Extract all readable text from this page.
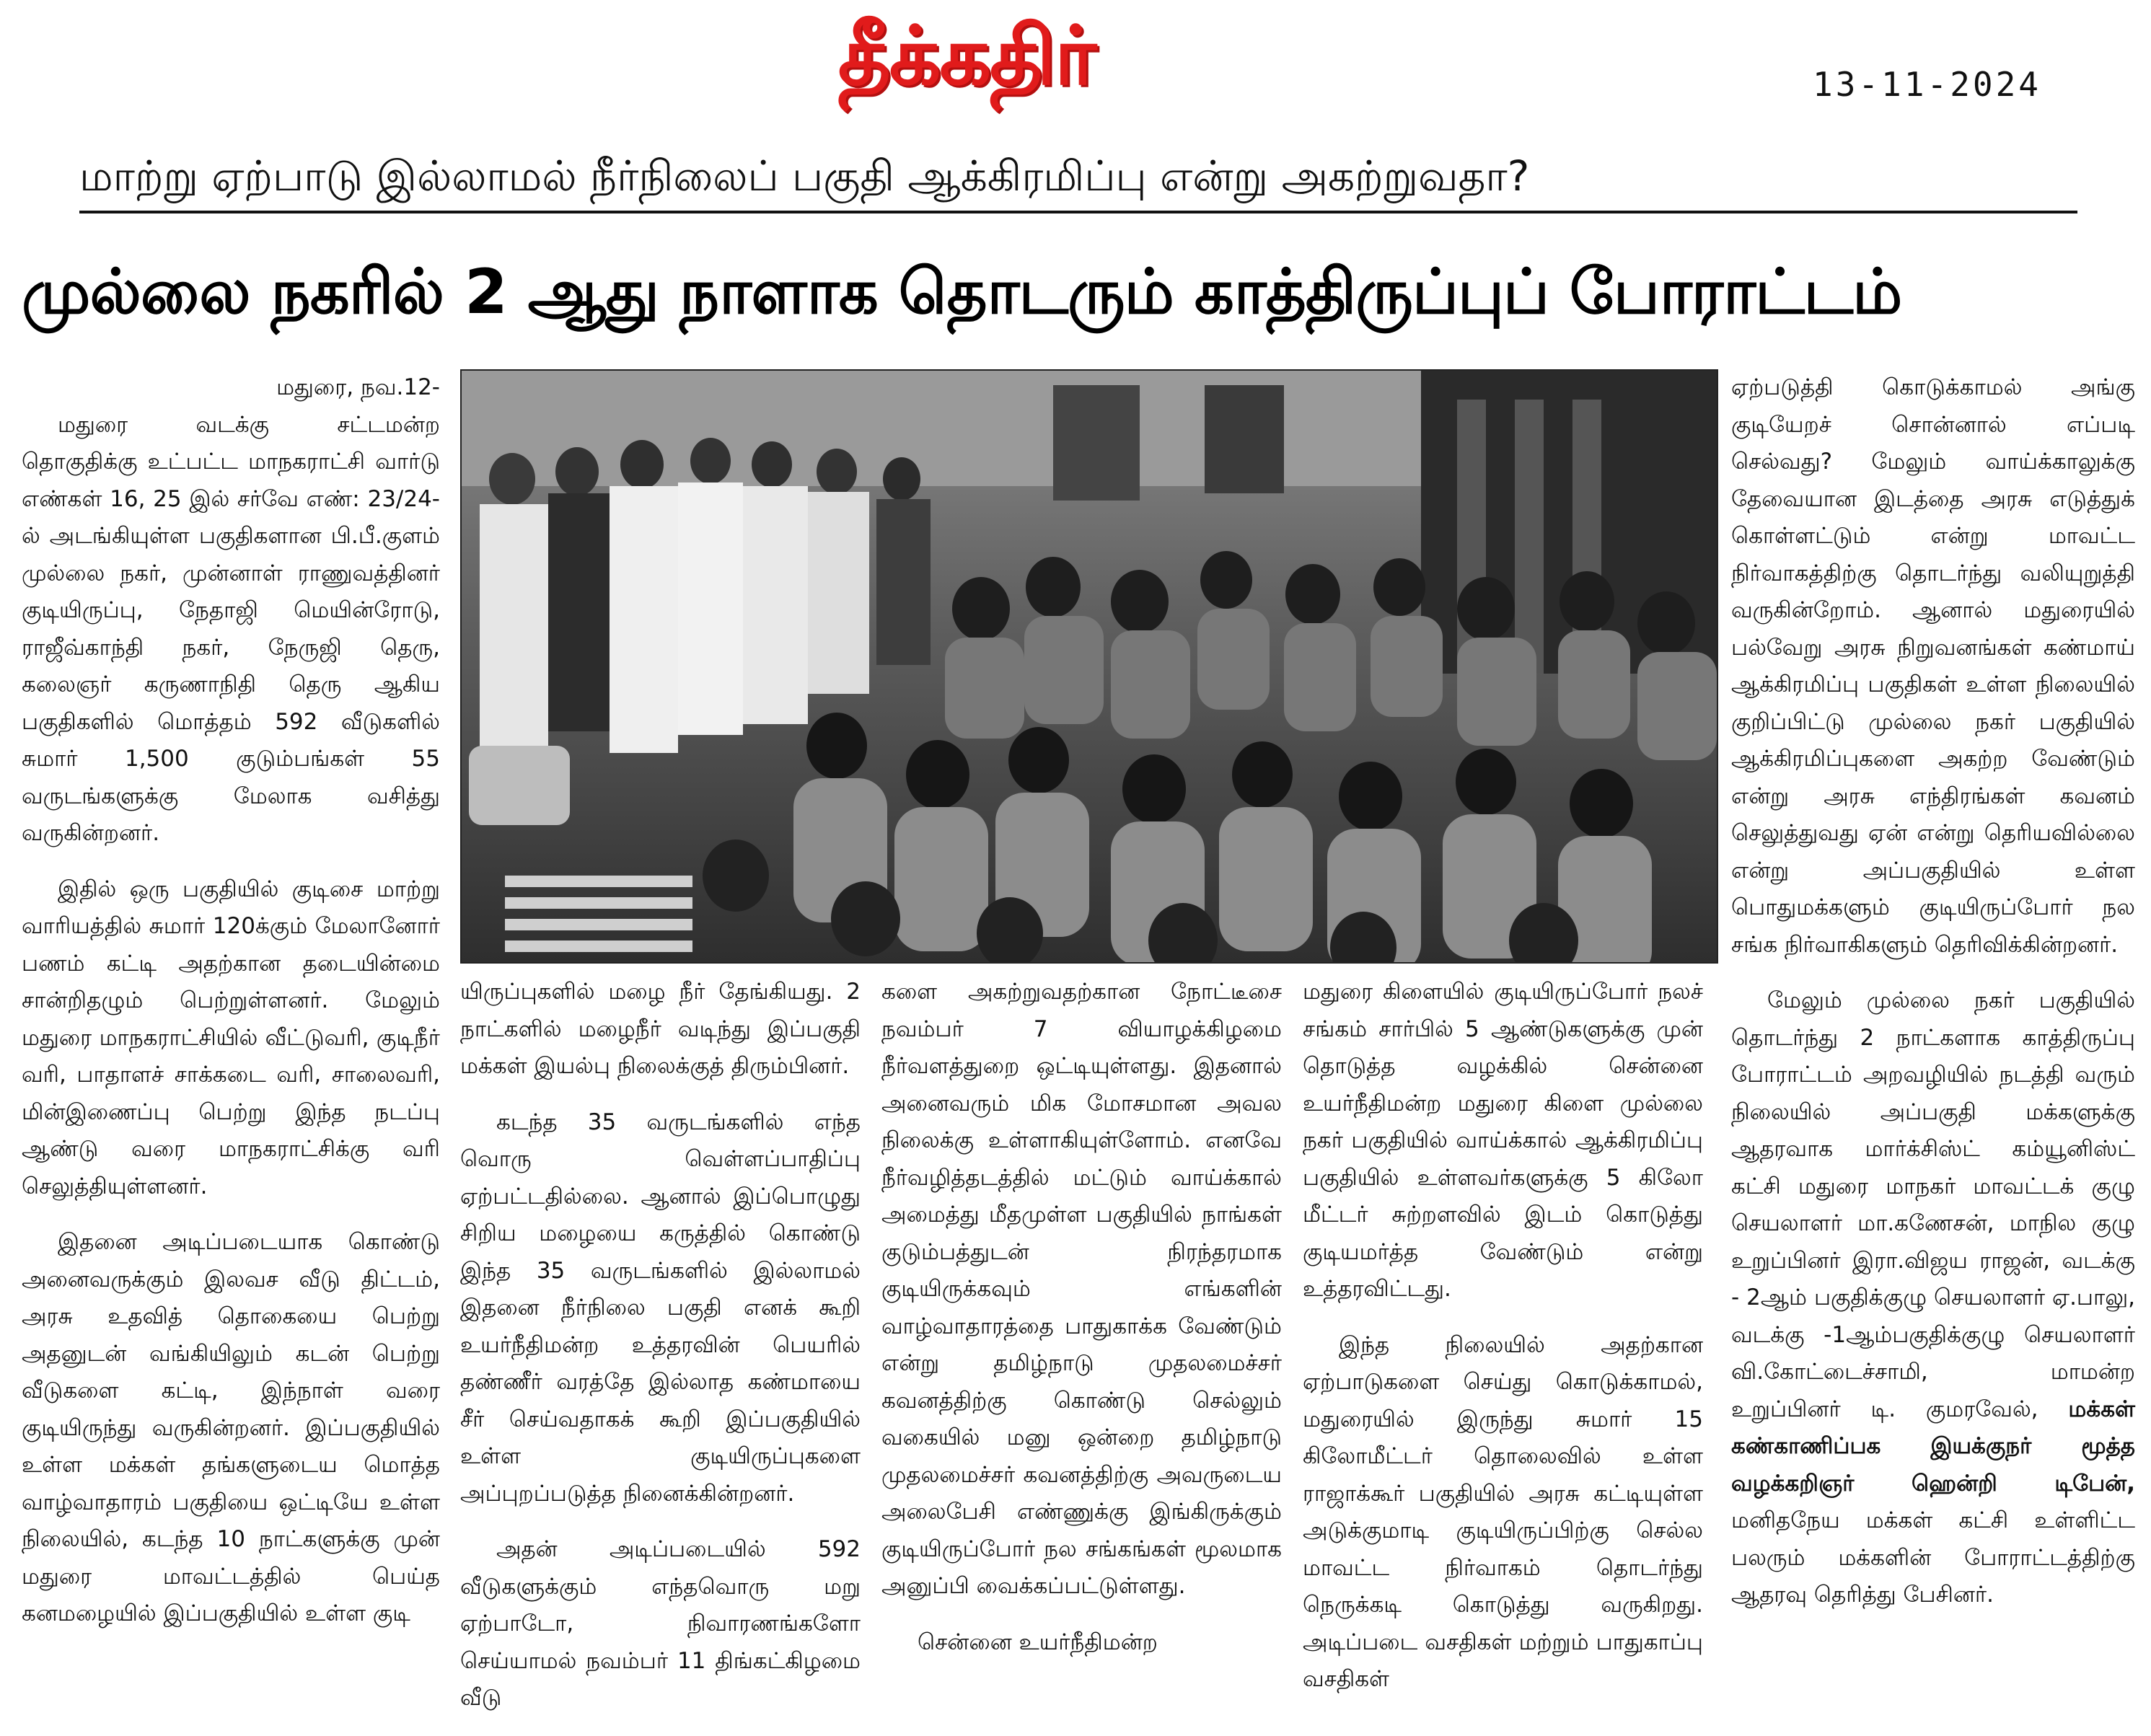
தீக்கதிர்	13-11-2024
மாற்று ஏற்பாடு இல்லாமல் நீர்நிலைப் பகுதி ஆக்கிரமிப்பு என்று அகற்றுவதா?
முல்லை நகரில் 2 ஆது நாளாக தொடரும் காத்திருப்புப் போராட்டம்
மதுரை, நவ.12-

மதுரை வடக்கு சட்டமன்ற தொகுதிக்கு உட்பட்ட மாநகராட்சி வார்டு எண்கள் 16, 25 இல் சர்வே எண்: 23/24-ல் அடங்கியுள்ள பகுதிகளான பி.பீ.குளம் முல்லை நகர், முன்னாள் ராணுவத்தினர் குடியிருப்பு, நேதாஜி மெயின்ரோடு, ராஜீவ்காந்தி நகர், நேருஜி தெரு, கலைஞர் கருணாநிதி தெரு ஆகிய பகுதிகளில் மொத்தம் 592 வீடுகளில் சுமார் 1,500 குடும்பங்கள் 55 வருடங்களுக்கு மேலாக வசித்து வருகின்றனர்.

இதில் ஒரு பகுதியில் குடிசை மாற்று வாரியத்தில் சுமார் 120க்கும் மேலானோர் பணம் கட்டி அதற்கான தடையின்மை சான்றிதழும் பெற்றுள்ளனர். மேலும் மதுரை மாநகராட்சியில் வீட்டுவரி, குடிநீர் வரி, பாதாளச் சாக்கடை வரி, சாலைவரி, மின்இணைப்பு பெற்று இந்த நடப்பு ஆண்டு வரை மாநகராட்சிக்கு வரி செலுத்தியுள்ளனர்.

இதனை அடிப்படையாக கொண்டு அனைவருக்கும் இலவச வீடு திட்டம், அரசு உதவித் தொகையை பெற்று அதனுடன் வங்கியிலும் கடன் பெற்று வீடுகளை கட்டி, இந்நாள் வரை குடியிருந்து வருகின்றனர். இப்பகுதியில் உள்ள மக்கள் தங்களுடைய மொத்த வாழ்வாதாரம் பகுதியை ஒட்டியே உள்ள நிலையில், கடந்த 10 நாட்களுக்கு முன் மதுரை மாவட்டத்தில் பெய்த கனமழையில் இப்பகுதியில் உள்ள குடி

யிருப்புகளில் மழை நீர் தேங்கியது. 2 நாட்களில் மழைநீர் வடிந்து இப்பகுதி மக்கள் இயல்பு நிலைக்குத் திரும்பினர்.

கடந்த 35 வருடங்களில் எந்த வொரு வெள்ளப்பாதிப்பு ஏற்பட்டதில்லை. ஆனால் இப்பொழுது சிறிய மழையை கருத்தில் கொண்டு இந்த 35 வருடங்களில் இல்லாமல் இதனை நீர்நிலை பகுதி எனக் கூறி உயர்நீதிமன்ற உத்தரவின் பெயரில் தண்ணீர் வரத்தே இல்லாத கண்மாயை சீர் செய்வதாகக் கூறி இப்பகுதியில் உள்ள குடியிருப்புகளை அப்புறப்படுத்த நினைக்கின்றனர்.

அதன் அடிப்படையில் 592 வீடுகளுக்கும் எந்தவொரு மறு ஏற்பாடோ, நிவாரணங்களோ செய்யாமல் நவம்பர் 11 திங்கட்கிழமை வீடு

களை அகற்றுவதற்கான நோட்டீசை நவம்பர் 7 வியாழக்கிழமை நீர்வளத்துறை ஒட்டியுள்ளது. இதனால் அனைவரும் மிக மோசமான அவல நிலைக்கு உள்ளாகியுள்ளோம். எனவே நீர்வழித்தடத்தில் மட்டும் வாய்க்கால் அமைத்து மீதமுள்ள பகுதியில் நாங்கள் குடும்பத்துடன் நிரந்தரமாக குடியிருக்கவும் எங்களின் வாழ்வாதாரத்தை பாதுகாக்க வேண்டும் என்று தமிழ்நாடு முதலமைச்சர் கவனத்திற்கு கொண்டு செல்லும் வகையில் மனு ஒன்றை தமிழ்நாடு முதலமைச்சர் கவனத்திற்கு அவருடைய அலைபேசி எண்ணுக்கு இங்கிருக்கும் குடியிருப்போர் நல சங்கங்கள் மூலமாக அனுப்பி வைக்கப்பட்டுள்ளது.

சென்னை உயர்நீதிமன்ற

மதுரை கிளையில் குடியிருப்போர் நலச் சங்கம் சார்பில் 5 ஆண்டுகளுக்கு முன் தொடுத்த வழக்கில் சென்னை உயர்நீதிமன்ற மதுரை கிளை முல்லை நகர் பகுதியில் வாய்க்கால் ஆக்கிரமிப்பு பகுதியில் உள்ளவர்களுக்கு 5 கிலோ மீட்டர் சுற்றளவில் இடம் கொடுத்து குடியமர்த்த வேண்டும் என்று உத்தரவிட்டது.

இந்த நிலையில் அதற்கான ஏற்பாடுகளை செய்து கொடுக்காமல், மதுரையில் இருந்து சுமார் 15 கிலோமீட்டர் தொலைவில் உள்ள ராஜாக்கூர் பகுதியில் அரசு கட்டியுள்ள அடுக்குமாடி குடியிருப்பிற்கு செல்ல மாவட்ட நிர்வாகம் தொடர்ந்து நெருக்கடி கொடுத்து வருகிறது. அடிப்படை வசதிகள் மற்றும் பாதுகாப்பு வசதிகள்

ஏற்படுத்தி கொடுக்காமல் அங்கு குடியேறச் சொன்னால் எப்படி செல்வது? மேலும் வாய்க்காலுக்கு தேவையான இடத்தை அரசு எடுத்துக் கொள்ளட்டும் என்று மாவட்ட நிர்வாகத்திற்கு தொடர்ந்து வலியுறுத்தி வருகின்றோம். ஆனால் மதுரையில் பல்வேறு அரசு நிறுவனங்கள் கண்மாய் ஆக்கிரமிப்பு பகுதிகள் உள்ள நிலையில் குறிப்பிட்டு முல்லை நகர் பகுதியில் ஆக்கிரமிப்புகளை அகற்ற வேண்டும் என்று அரசு எந்திரங்கள் கவனம் செலுத்துவது ஏன் என்று தெரியவில்லை என்று அப்பகுதியில் உள்ள பொதுமக்களும் குடியிருப்போர் நல சங்க நிர்வாகிகளும் தெரிவிக்கின்றனர்.

மேலும் முல்லை நகர் பகுதியில் தொடர்ந்து 2 நாட்களாக காத்திருப்பு போராட்டம் அறவழியில் நடத்தி வரும் நிலையில் அப்பகுதி மக்களுக்கு ஆதரவாக மார்க்சிஸ்ட் கம்யூனிஸ்ட் கட்சி மதுரை மாநகர் மாவட்டக் குழு செயலாளர் மா.கணேசன், மாநில குழு உறுப்பினர் இரா.விஜய ராஜன், வடக்கு - 2ஆம் பகுதிக்குழு செயலாளர் ஏ.பாலு, வடக்கு -1ஆம்பகுதிக்குழு செயலாளர் வி.கோட்டைச்சாமி, மாமன்ற உறுப்பினர் டி. குமரவேல், மக்கள் கண்காணிப்பக இயக்குநர் மூத்த வழக்கறிஞர் ஹென்றி டிபேன், மனிதநேய மக்கள் கட்சி உள்ளிட்ட பலரும் மக்களின் போராட்டத்திற்கு ஆதரவு தெரித்து பேசினர்.
